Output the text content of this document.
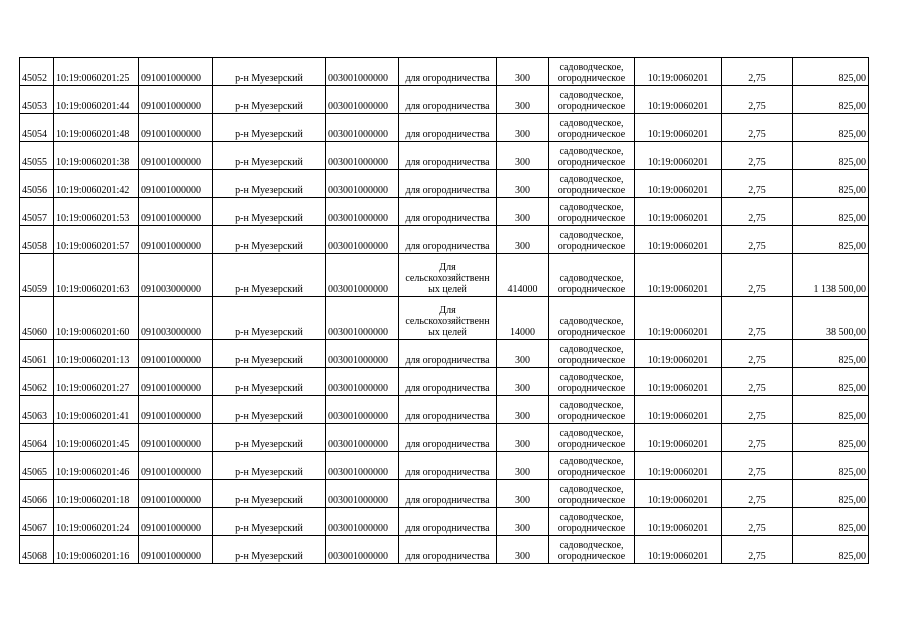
45052	10:19:0060201:25	091001000000	р-н Муезерский	003001000000	для огородничества	300	садоводческое,
огородническое	10:19:0060201	2,75	825,00
45053	10:19:0060201:44	091001000000	р-н Муезерский	003001000000	для огородничества	300	садоводческое,
огородническое	10:19:0060201	2,75	825,00
45054	10:19:0060201:48	091001000000	р-н Муезерский	003001000000	для огородничества	300	садоводческое,
огородническое	10:19:0060201	2,75	825,00
45055	10:19:0060201:38	091001000000	р-н Муезерский	003001000000	для огородничества	300	садоводческое,
огородническое	10:19:0060201	2,75	825,00
45056	10:19:0060201:42	091001000000	р-н Муезерский	003001000000	для огородничества	300	садоводческое,
огородническое	10:19:0060201	2,75	825,00
45057	10:19:0060201:53	091001000000	р-н Муезерский	003001000000	для огородничества	300	садоводческое,
огородническое	10:19:0060201	2,75	825,00
45058	10:19:0060201:57	091001000000	р-н Муезерский	003001000000	для огородничества	300	садоводческое,
огородническое	10:19:0060201	2,75	825,00
45059	10:19:0060201:63	091003000000	р-н Муезерский	003001000000	Для
сельскохозяйственн
ых целей	414000	садоводческое,
огородническое	10:19:0060201	2,75	1 138 500,00
45060	10:19:0060201:60	091003000000	р-н Муезерский	003001000000	Для
сельскохозяйственн
ых целей	14000	садоводческое,
огородническое	10:19:0060201	2,75	38 500,00
45061	10:19:0060201:13	091001000000	р-н Муезерский	003001000000	для огородничества	300	садоводческое,
огородническое	10:19:0060201	2,75	825,00
45062	10:19:0060201:27	091001000000	р-н Муезерский	003001000000	для огородничества	300	садоводческое,
огородническое	10:19:0060201	2,75	825,00
45063	10:19:0060201:41	091001000000	р-н Муезерский	003001000000	для огородничества	300	садоводческое,
огородническое	10:19:0060201	2,75	825,00
45064	10:19:0060201:45	091001000000	р-н Муезерский	003001000000	для огородничества	300	садоводческое,
огородническое	10:19:0060201	2,75	825,00
45065	10:19:0060201:46	091001000000	р-н Муезерский	003001000000	для огородничества	300	садоводческое,
огородническое	10:19:0060201	2,75	825,00
45066	10:19:0060201:18	091001000000	р-н Муезерский	003001000000	для огородничества	300	садоводческое,
огородническое	10:19:0060201	2,75	825,00
45067	10:19:0060201:24	091001000000	р-н Муезерский	003001000000	для огородничества	300	садоводческое,
огородническое	10:19:0060201	2,75	825,00
45068	10:19:0060201:16	091001000000	р-н Муезерский	003001000000	для огородничества	300	садоводческое,
огородническое	10:19:0060201	2,75	825,00
